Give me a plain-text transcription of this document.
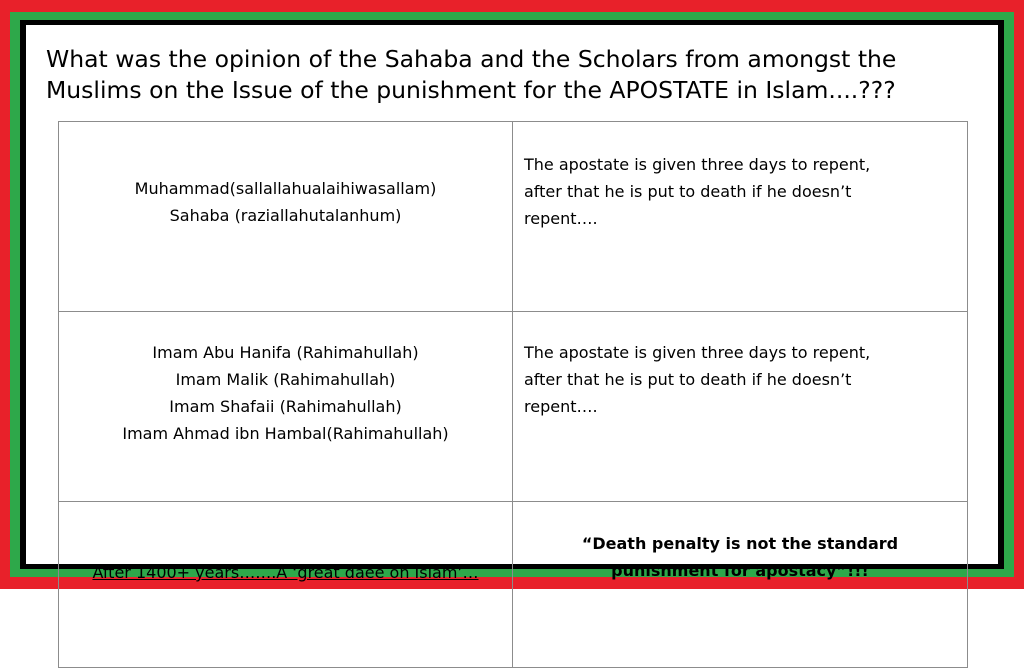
What was the opinion of the Sahaba and the Scholars from amongst the
Muslims on the Issue of the punishment for the APOSTATE in Islam....???
Muhammad(sallallahualaihiwasallam)
Sahaba (raziallahutalanhum)	The apostate is given three days to repent,
after that he is put to death if he doesn’t
repent….

Imam Abu Hanifa (Rahimahullah)
Imam Malik (Rahimahullah)
Imam Shafaii (Rahimahullah)
Imam Ahmad ibn Hambal(Rahimahullah)	The apostate is given three days to repent,
after that he is put to death if he doesn’t
repent….

After 1400+ years…….A ‘great daee on Islam’…	“Death penalty is not the standard
punishment for apostacy”!!!
